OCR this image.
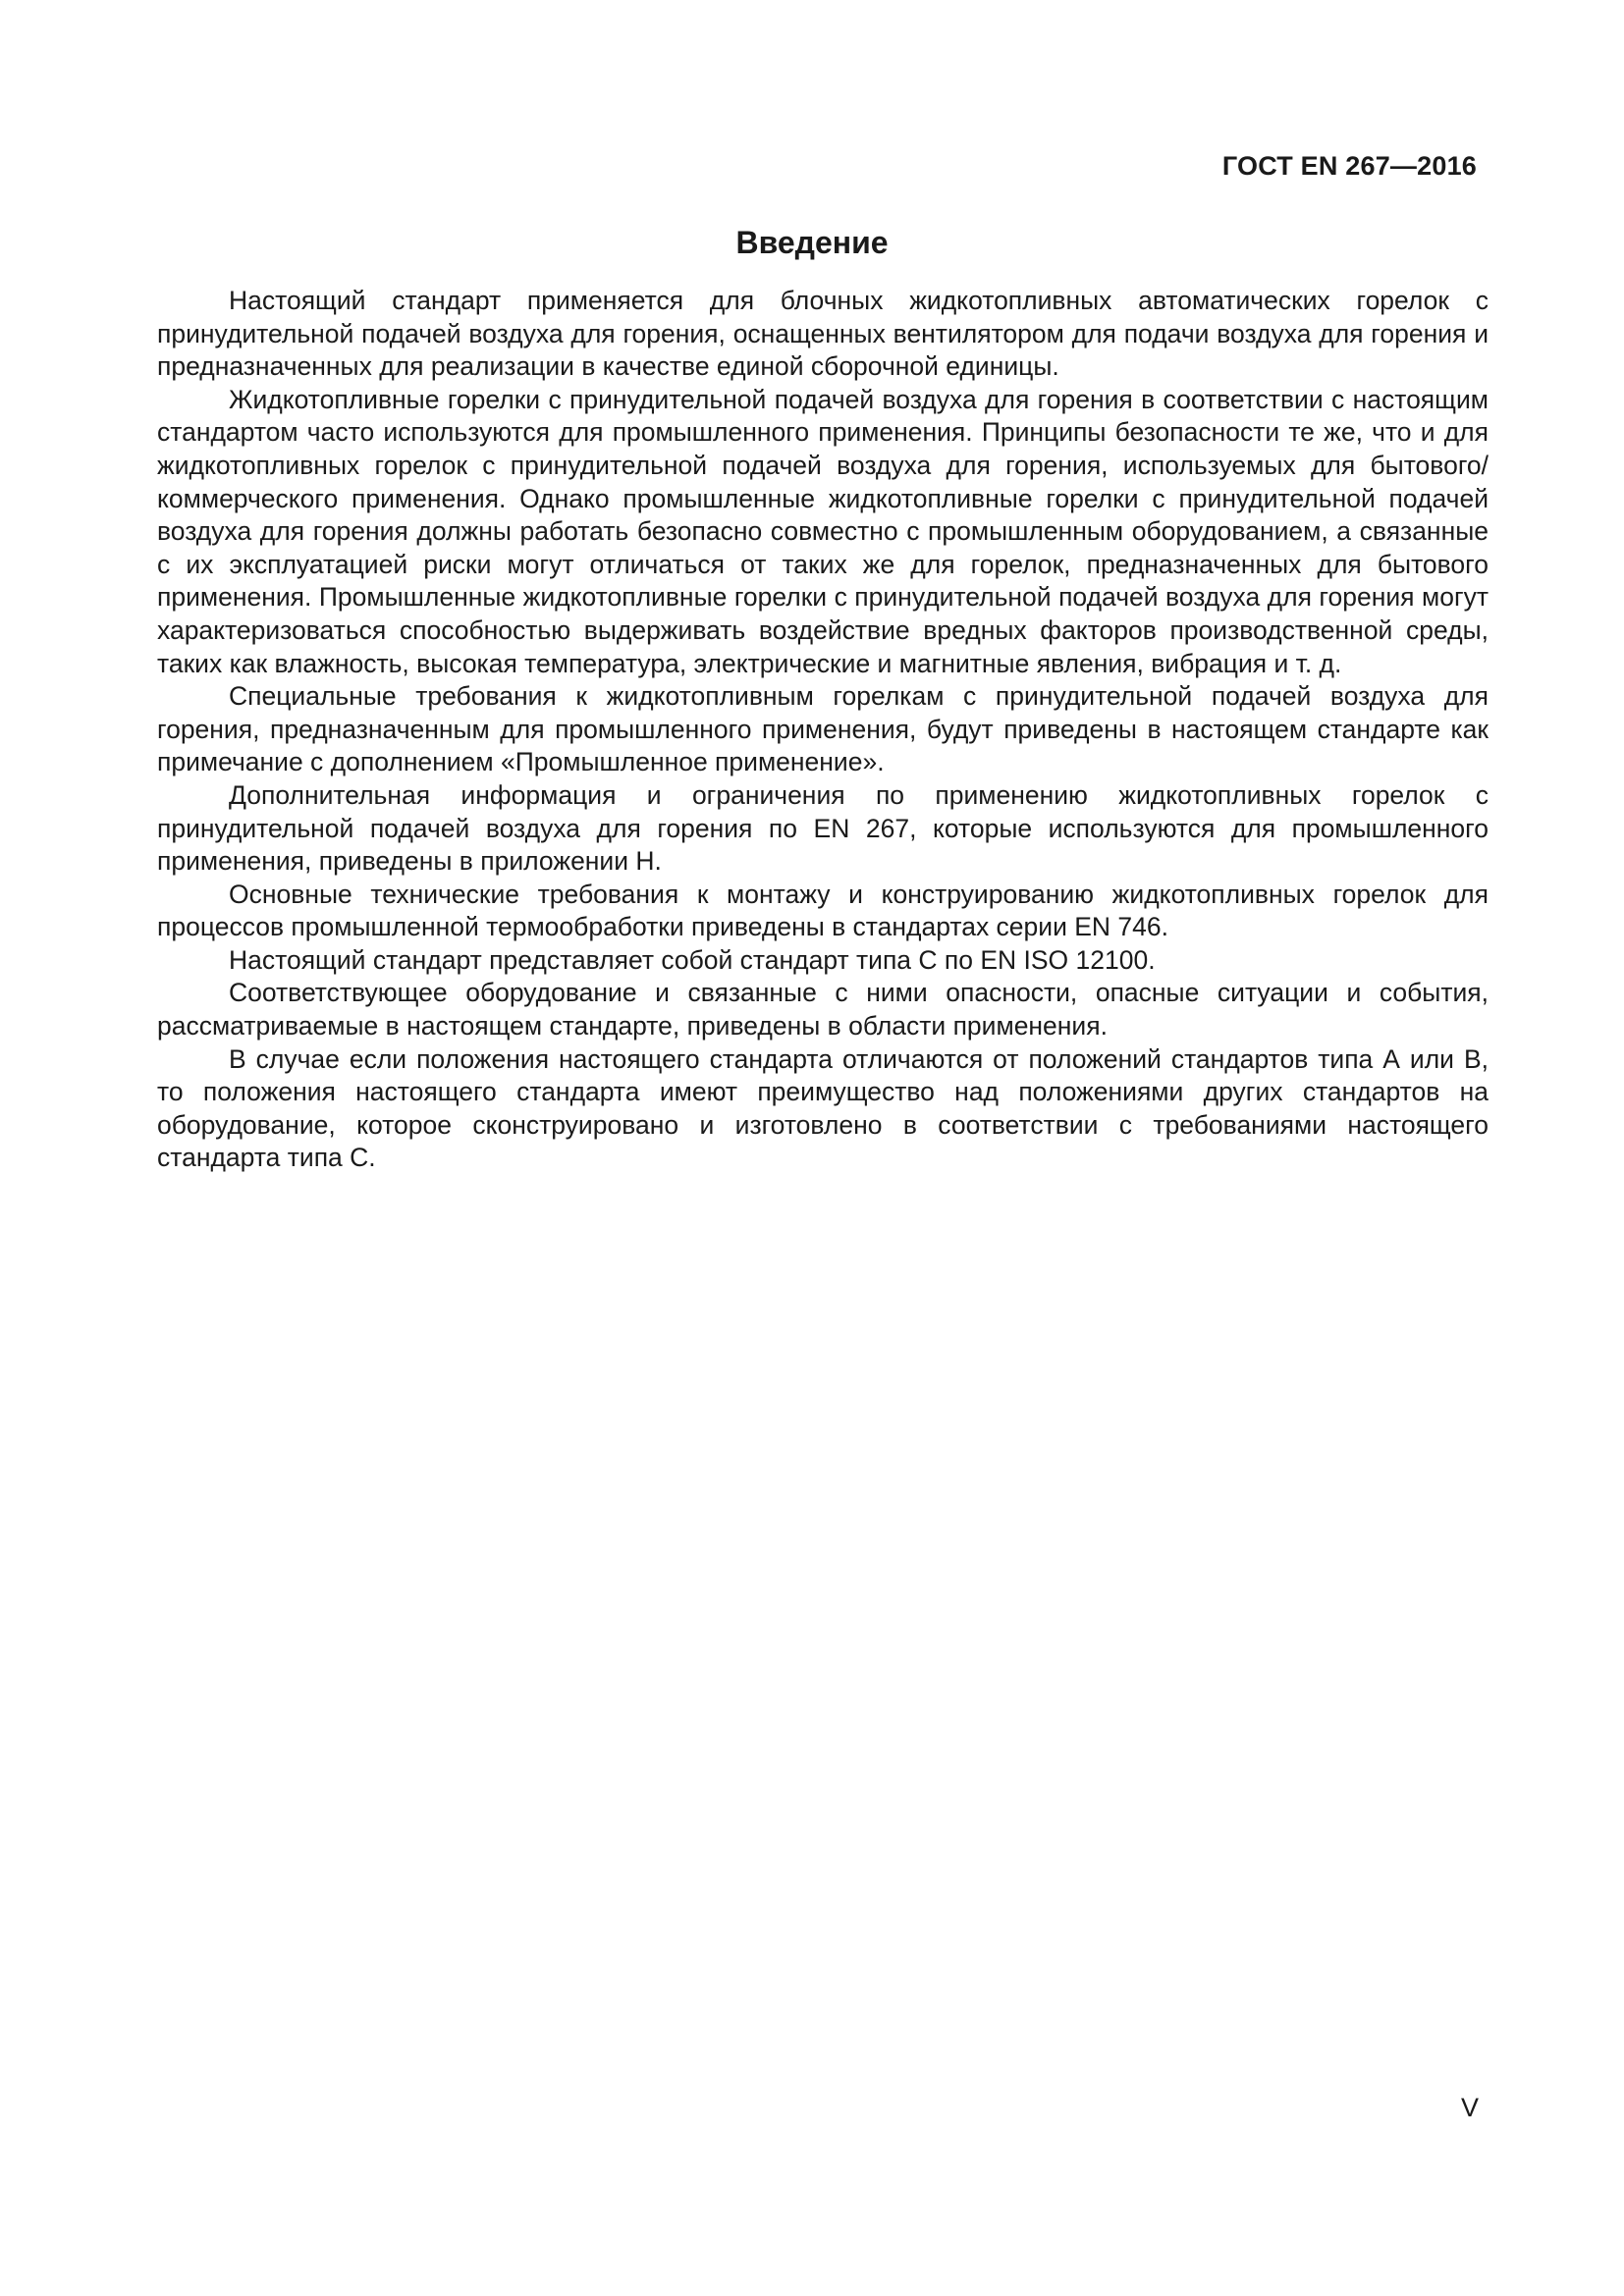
ГОСТ EN 267—2016
Введение

Настоящий стандарт применяется для блочных жидкотопливных автоматических горелок с принудительной подачей воздуха для горения, оснащенных вентилятором для подачи воздуха для горения и предназначенных для реализации в качестве единой сборочной единицы.

Жидкотопливные горелки с принудительной подачей воздуха для горения в соответствии с настоящим стандартом часто используются для промышленного применения. Принципы безопасности те же, что и для жидкотопливных горелок с принудительной подачей воздуха для горения, используемых для бытового/коммерческого применения. Однако промышленные жидкотопливные горелки с принудительной подачей воздуха для горения должны работать безопасно совместно с промышленным оборудованием, а связанные с их эксплуатацией риски могут отличаться от таких же для горелок, предназначенных для бытового применения. Промышленные жидкотопливные горелки с принудительной подачей воздуха для горения могут характеризоваться способностью выдерживать воздействие вредных факторов производственной среды, таких как влажность, высокая температура, электрические и магнитные явления, вибрация и т. д.

Специальные требования к жидкотопливным горелкам с принудительной подачей воздуха для горения, предназначенным для промышленного применения, будут приведены в настоящем стандарте как примечание с дополнением «Промышленное применение».

Дополнительная информация и ограничения по применению жидкотопливных горелок с принудительной подачей воздуха для горения по EN 267, которые используются для промышленного применения, приведены в приложении Н.

Основные технические требования к монтажу и конструированию жидкотопливных горелок для процессов промышленной термообработки приведены в стандартах серии EN 746.

Настоящий стандарт представляет собой стандарт типа С по EN ISO 12100.

Соответствующее оборудование и связанные с ними опасности, опасные ситуации и события, рассматриваемые в настоящем стандарте, приведены в области применения.

В случае если положения настоящего стандарта отличаются от положений стандартов типа А или В, то положения настоящего стандарта имеют преимущество над положениями других стандартов на оборудование, которое сконструировано и изготовлено в соответствии с требованиями настоящего стандарта типа С.

V
